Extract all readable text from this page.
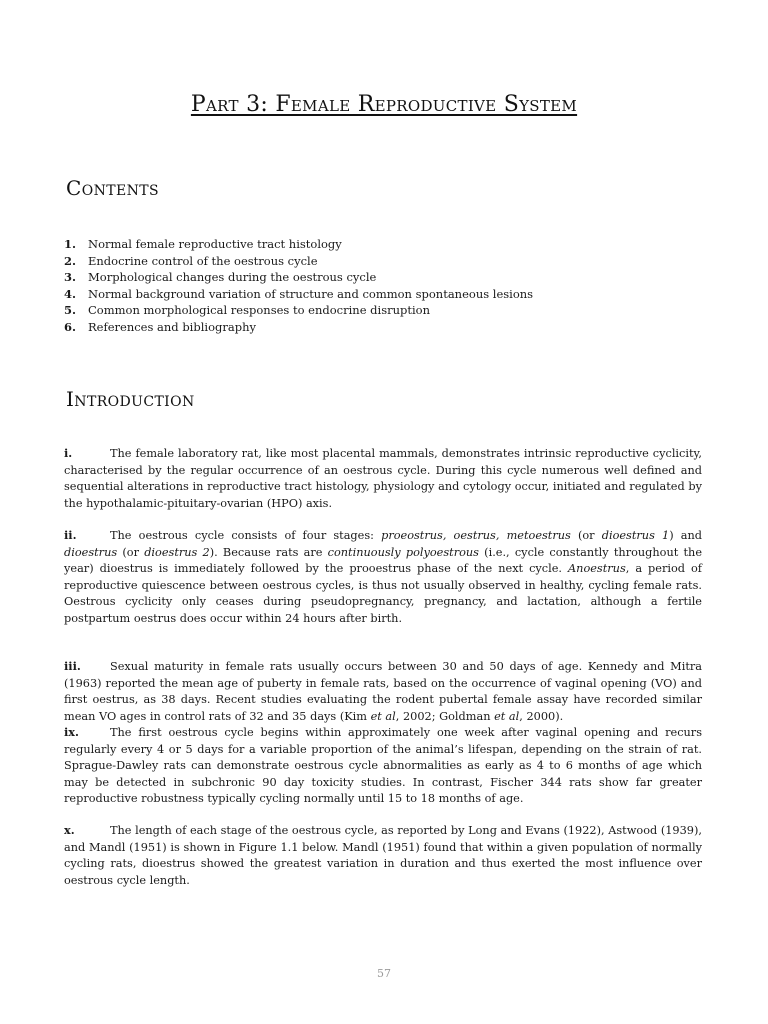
Part 3: Female Reproductive System
Contents
1. Normal female reproductive tract histology
2. Endocrine control of the oestrous cycle
3. Morphological changes during the oestrous cycle
4. Normal background variation of structure and common spontaneous lesions
5. Common morphological responses to endocrine disruption
6. References and bibliography
Introduction

i.	The female laboratory rat, like most placental mammals, demonstrates intrinsic reproductive cyclicity, characterised by the regular occurrence of an oestrous cycle. During this cycle numerous well defined and sequential alterations in reproductive tract histology, physiology and cytology occur, initiated and regulated by the hypothalamic-pituitary-ovarian (HPO) axis.

ii.	The oestrous cycle consists of four stages: proeostrus, oestrus, metoestrus (or dioestrus 1) and dioestrus (or dioestrus 2). Because rats are continuously polyoestrous (i.e., cycle constantly throughout the year) dioestrus is immediately followed by the prooestrus phase of the next cycle. Anoestrus, a period of reproductive quiescence between oestrous cycles, is thus not usually observed in healthy, cycling female rats. Oestrous cyclicity only ceases during pseudopregnancy, pregnancy, and lactation, although a fertile postpartum oestrus does occur within 24 hours after birth.

iii.	Sexual maturity in female rats usually occurs between 30 and 50 days of age. Kennedy and Mitra (1963) reported the mean age of puberty in female rats, based on the occurrence of vaginal opening (VO) and first oestrus, as 38 days. Recent studies evaluating the rodent pubertal female assay have recorded similar mean VO ages in control rats of 32 and 35 days (Kim et al, 2002; Goldman et al, 2000).

ix.	The first oestrous cycle begins within approximately one week after vaginal opening and recurs regularly every 4 or 5 days for a variable proportion of the animal’s lifespan, depending on the strain of rat. Sprague-Dawley rats can demonstrate oestrous cycle abnormalities as early as 4 to 6 months of age which may be detected in subchronic 90 day toxicity studies. In contrast, Fischer 344 rats show far greater reproductive robustness typically cycling normally until 15 to 18 months of age.

x.	The length of each stage of the oestrous cycle, as reported by Long and Evans (1922), Astwood (1939), and Mandl (1951) is shown in Figure 1.1 below. Mandl (1951) found that within a given population of normally cycling rats, dioestrus showed the greatest variation in duration and thus exerted the most influence over oestrous cycle length.

57
